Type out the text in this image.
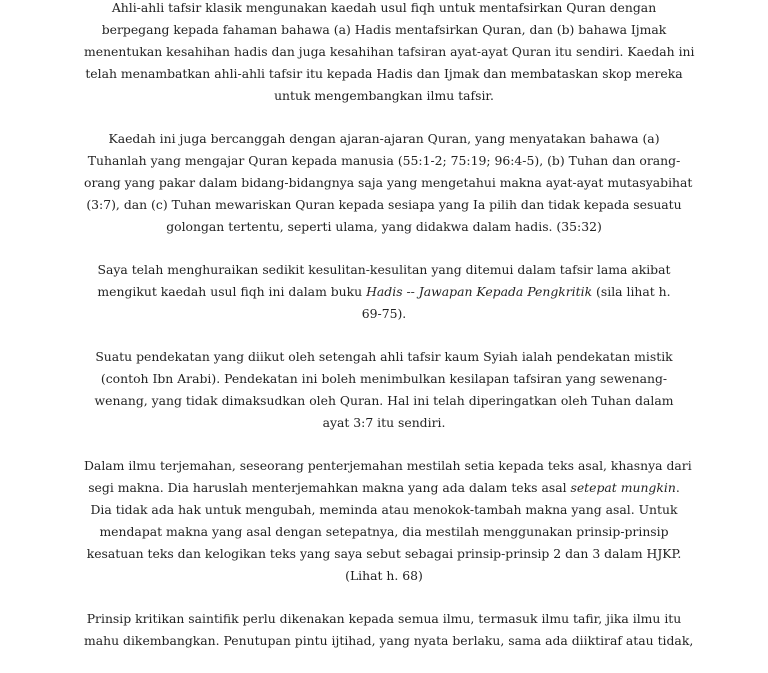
Ahli-ahli tafsir klasik mengunakan kaedah usul fiqh untuk mentafsirkan Quran dengan
berpegang kepada fahaman bahawa (a) Hadis mentafsirkan Quran, dan (b) bahawa Ijmak
menentukan kesahihan hadis dan juga kesahihan tafsiran ayat-ayat Quran itu sendiri. Kaedah ini
telah menambatkan ahli-ahli tafsir itu kepada Hadis dan Ijmak dan membataskan skop mereka
untuk mengembangkan ilmu tafsir.

Kaedah ini juga bercanggah dengan ajaran-ajaran Quran, yang menyatakan bahawa (a)
Tuhanlah yang mengajar Quran kepada manusia (55:1-2; 75:19; 96:4-5), (b) Tuhan dan orang-
orang yang pakar dalam bidang-bidangnya saja yang mengetahui makna ayat-ayat mutasyabihat
(3:7), dan (c) Tuhan mewariskan Quran kepada sesiapa yang Ia pilih dan tidak kepada sesuatu
golongan tertentu, seperti ulama, yang didakwa dalam hadis. (35:32)

Saya telah menghuraikan sedikit kesulitan-kesulitan yang ditemui dalam tafsir lama akibat
mengikut kaedah usul fiqh ini dalam buku Hadis -- Jawapan Kepada Pengkritik (sila lihat h.
69-75).

Suatu pendekatan yang diikut oleh setengah ahli tafsir kaum Syiah ialah pendekatan mistik
(contoh Ibn Arabi). Pendekatan ini boleh menimbulkan kesilapan tafsiran yang sewenang-
wenang, yang tidak dimaksudkan oleh Quran. Hal ini telah diperingatkan oleh Tuhan dalam
ayat 3:7 itu sendiri.

Dalam ilmu terjemahan, seseorang penterjemahan mestilah setia kepada teks asal, khasnya dari
segi makna. Dia haruslah menterjemahkan makna yang ada dalam teks asal setepat mungkin.
Dia tidak ada hak untuk mengubah, meminda atau menokok-tambah makna yang asal. Untuk
mendapat makna yang asal dengan setepatnya, dia mestilah menggunakan prinsip-prinsip
kesatuan teks dan kelogikan teks yang saya sebut sebagai prinsip-prinsip 2 dan 3 dalam HJKP.
(Lihat h. 68)

Prinsip kritikan saintifik perlu dikenakan kepada semua ilmu, termasuk ilmu tafir, jika ilmu itu
mahu dikembangkan. Penutupan pintu ijtihad, yang nyata berlaku, sama ada diiktiraf atau tidak,
